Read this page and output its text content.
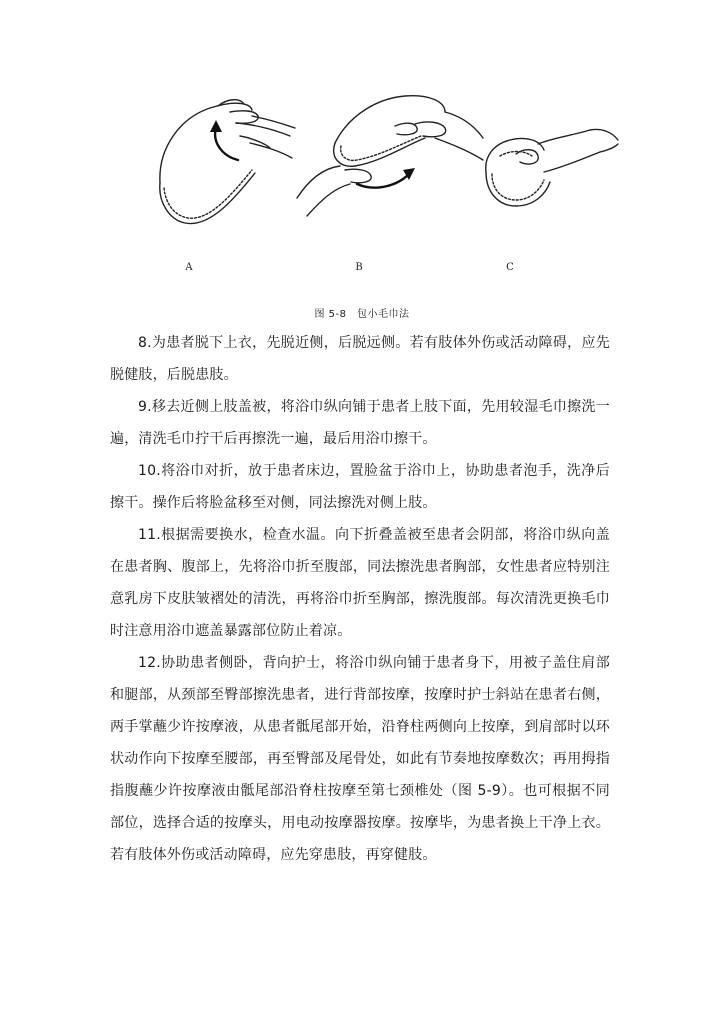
A	B	C
图 5-8　包小毛巾法

8.为患者脱下上衣，先脱近侧，后脱远侧。若有肢体外伤或活动障碍，应先脱健肢，后脱患肢。

9.移去近侧上肢盖被，将浴巾纵向铺于患者上肢下面，先用较湿毛巾擦洗一遍，清洗毛巾拧干后再擦洗一遍，最后用浴巾擦干。

10.将浴巾对折，放于患者床边，置脸盆于浴巾上，协助患者泡手，洗净后擦干。操作后将脸盆移至对侧，同法擦洗对侧上肢。

11.根据需要换水，检查水温。向下折叠盖被至患者会阴部，将浴巾纵向盖在患者胸、腹部上，先将浴巾折至腹部，同法擦洗患者胸部，女性患者应特别注意乳房下皮肤皱褶处的清洗，再将浴巾折至胸部，擦洗腹部。每次清洗更换毛巾时注意用浴巾遮盖暴露部位防止着凉。

12.协助患者侧卧，背向护士，将浴巾纵向铺于患者身下，用被子盖住肩部和腿部，从颈部至臀部擦洗患者，进行背部按摩，按摩时护士斜站在患者右侧，两手掌蘸少许按摩液，从患者骶尾部开始，沿脊柱两侧向上按摩，到肩部时以环状动作向下按摩至腰部，再至臀部及尾骨处，如此有节奏地按摩数次；再用拇指指腹蘸少许按摩液由骶尾部沿脊柱按摩至第七颈椎处（图 5-9）。也可根据不同部位，选择合适的按摩头，用电动按摩器按摩。按摩毕，为患者换上干净上衣。若有肢体外伤或活动障碍，应先穿患肢，再穿健肢。
